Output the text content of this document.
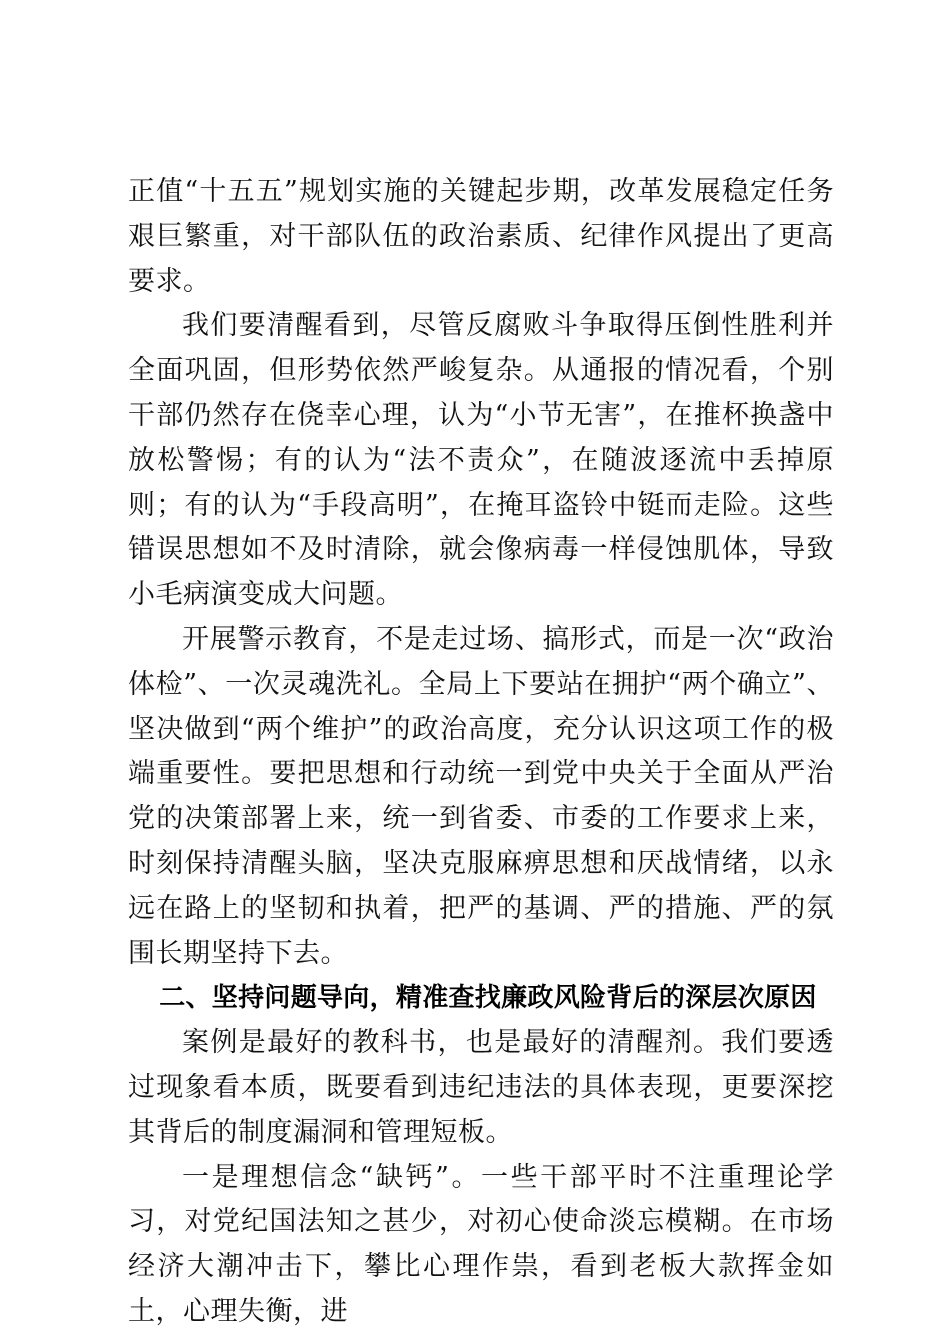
正值“十五五”规划实施的关键起步期，改革发展稳定任务艰巨繁重，对干部队伍的政治素质、纪律作风提出了更高要求。

我们要清醒看到，尽管反腐败斗争取得压倒性胜利并全面巩固，但形势依然严峻复杂。从通报的情况看，个别干部仍然存在侥幸心理，认为“小节无害”，在推杯换盏中放松警惕；有的认为“法不责众”，在随波逐流中丢掉原则；有的认为“手段高明”，在掩耳盗铃中铤而走险。这些错误思想如不及时清除，就会像病毒一样侵蚀肌体，导致小毛病演变成大问题。

开展警示教育，不是走过场、搞形式，而是一次“政治体检”、一次灵魂洗礼。全局上下要站在拥护“两个确立”、坚决做到“两个维护”的政治高度，充分认识这项工作的极端重要性。要把思想和行动统一到党中央关于全面从严治党的决策部署上来，统一到省委、市委的工作要求上来，时刻保持清醒头脑，坚决克服麻痹思想和厌战情绪，以永远在路上的坚韧和执着，把严的基调、严的措施、严的氛围长期坚持下去。

二、坚持问题导向，精准查找廉政风险背后的深层次原因

案例是最好的教科书，也是最好的清醒剂。我们要透过现象看本质，既要看到违纪违法的具体表现，更要深挖其背后的制度漏洞和管理短板。

一是理想信念“缺钙”。一些干部平时不注重理论学习，对党纪国法知之甚少，对初心使命淡忘模糊。在市场经济大潮冲击下，攀比心理作祟，看到老板大款挥金如土，心理失衡，进
